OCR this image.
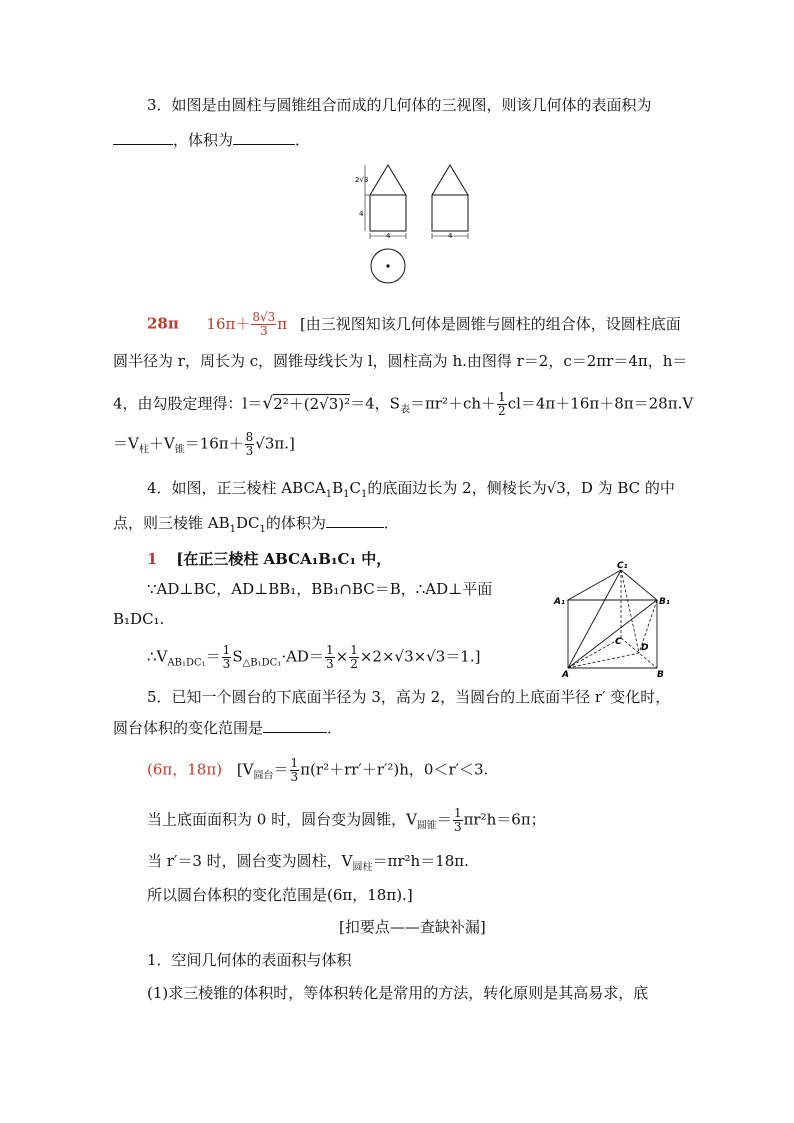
3．如图是由圆柱与圆锥组合而成的几何体的三视图，则该几何体的表面积为
，体积为	．
2√3
4
4	4
28π $16\pi+ \frac{8√3}{3}$ π [由三视图知该几何体是圆锥与圆柱的组合体，设圆柱底面
圆半径为 r，周长为 c，圆锥母线长为 l，圆柱高为 h.由图得 r＝2，c＝2πr＝4π，h＝
4，由勾股定理得：l＝√2²＋(2√3)²＝4，$S_表=\pi r^2+ch+ \frac{1}{2} cl=4\pi+16\pi+8\pi=28\pi.V$
$=V_柱+V_锥=16\pi+ \frac{8}{3} √3\pi$.]
4．如图，正三棱柱 $ABCA_1B_1C_1$的底面边长为 2，侧棱长为√3，D 为 BC 的中
点，则三棱锥 $AB_1DC_1$的体积为	．
1 [在正三棱柱 ABCA₁B₁C₁ 中，
∵AD⊥BC，AD⊥BB₁，BB₁∩BC＝B，∴AD⊥平面
B₁DC₁.
$\therefore V_{AB_1DC_1}= \frac{1}{3} S_{\triangle B_1DC_1}\cdot AD= \frac{1}{3} \times \frac{1}{2} \times 2\times√3\times√3=1$.]
C₁
A₁	B₁
C
D
A	B
5．已知一个圆台的下底面半径为 3，高为 2，当圆台的上底面半径 r′ 变化时，
圆台体积的变化范围是	．
(6π，18π) [$V_{圆台}= \frac{1}{3} \pi(r^2+rr'+r'^2)h$，0＜r′＜3.
当上底面面积为 0 时，圆台变为圆锥，$V_{圆锥}= \frac{1}{3} \pi r^2h=6\pi$；
当 r′＝3 时，圆台变为圆柱，$V_{圆柱}=\pi r^2h=18\pi$.
所以圆台体积的变化范围是(6π，18π).]
[扣要点——查缺补漏]
1．空间几何体的表面积与体积
(1)求三棱锥的体积时，等体积转化是常用的方法，转化原则是其高易求，底
